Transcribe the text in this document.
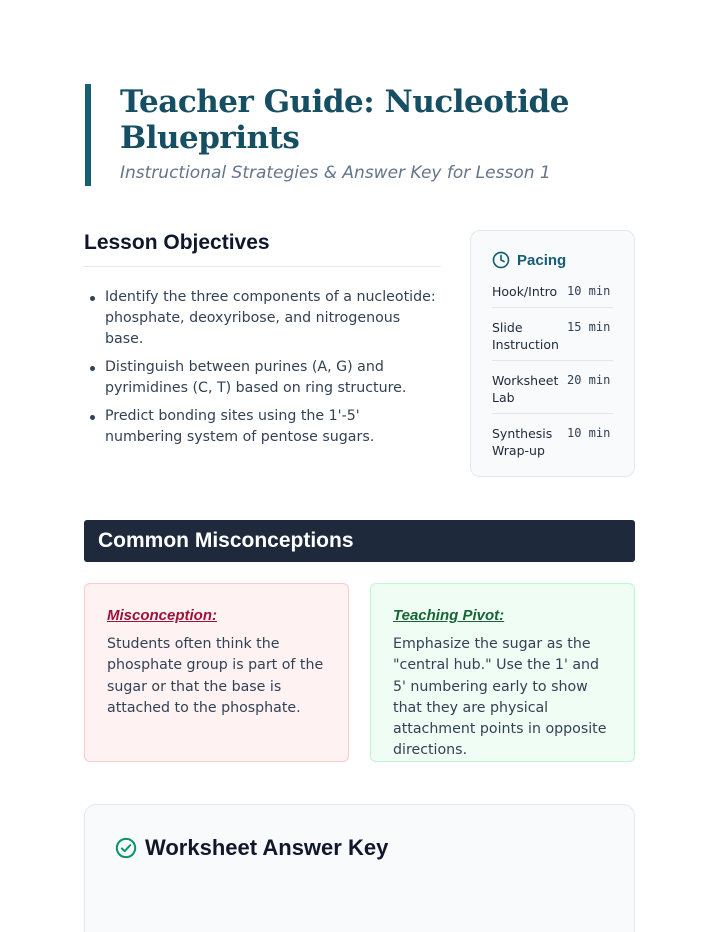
Teacher Guide: Nucleotide Blueprints

Instructional Strategies & Answer Key for Lesson 1

Lesson Objectives
Identify the three components of a nucleotide: phosphate, deoxyribose, and nitrogenous base.
Distinguish between purines (A, G) and pyrimidines (C, T) based on ring structure.
Predict bonding sites using the 1'-5' numbering system of pentose sugars.
Pacing
Hook/Intro 10 min
Slide Instruction
15 min
Worksheet Lab
20 min
Synthesis Wrap-up
10 min
Common Misconceptions

Misconception:

Students often think the phosphate group is part of the sugar or that the base is attached to the phosphate.

Teaching Pivot:

Emphasize the sugar as the "central hub." Use the 1' and 5' numbering early to show that they are physical attachment points in opposite directions.

Worksheet Answer Key
